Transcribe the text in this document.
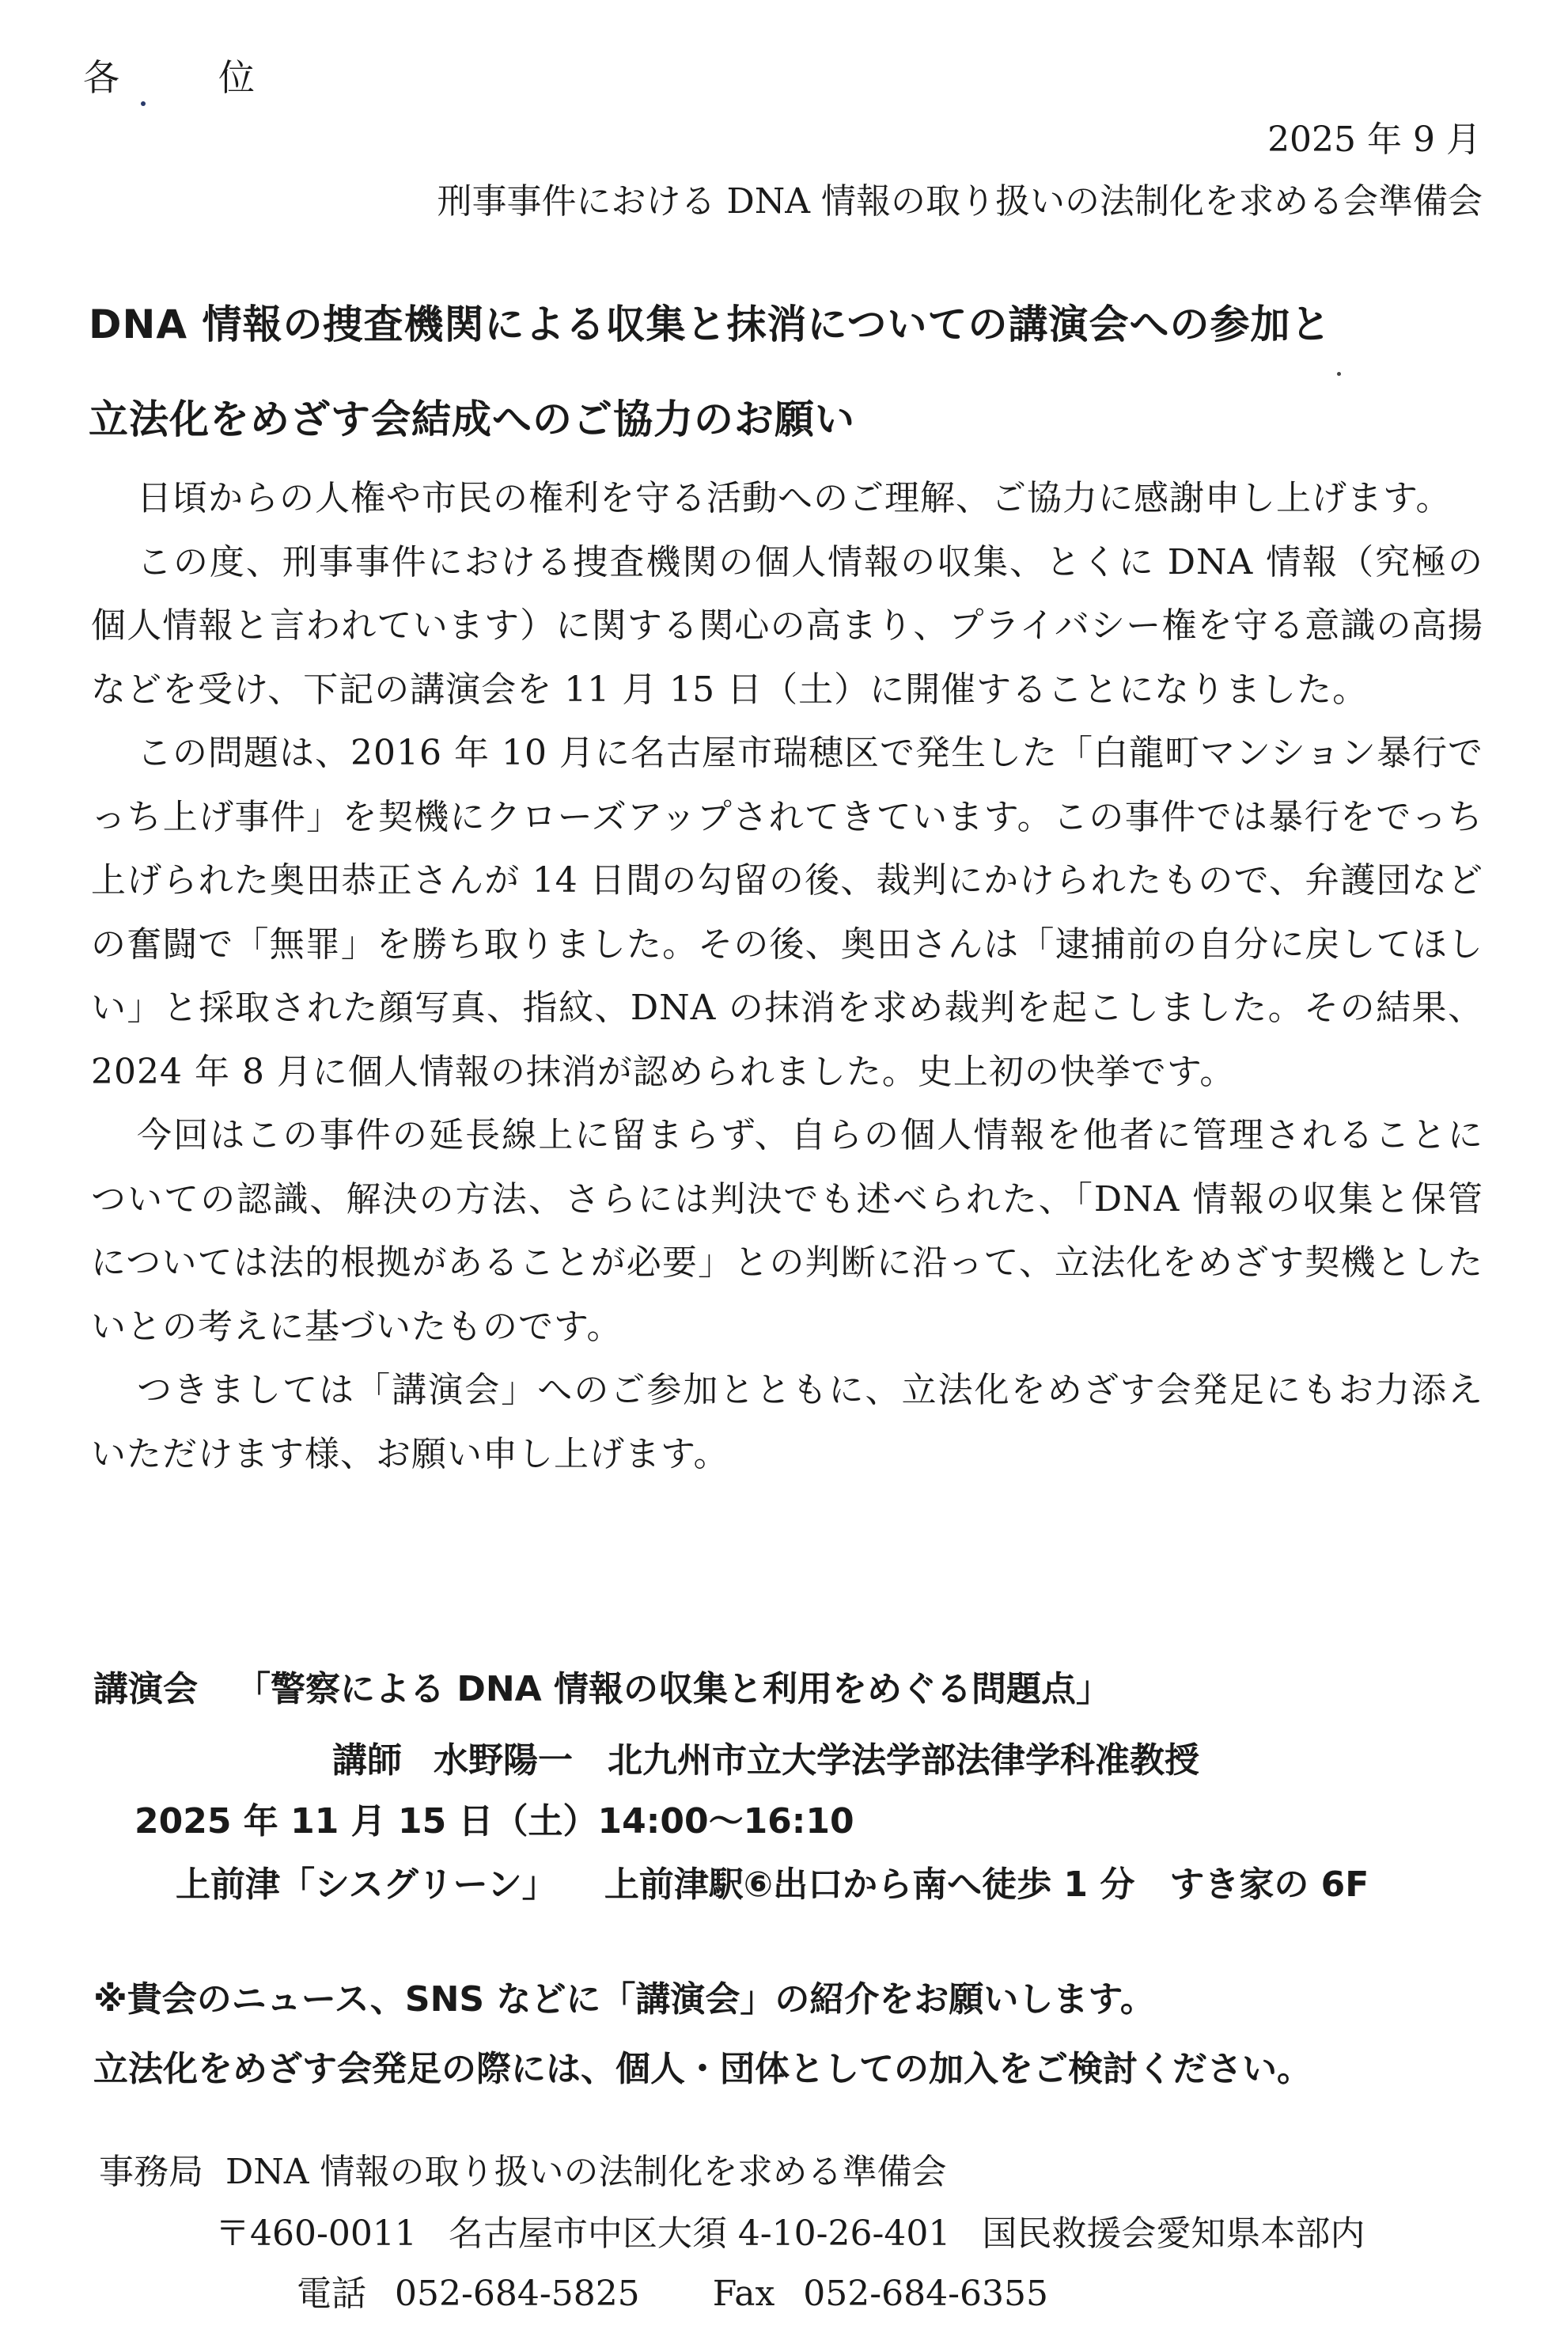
各	位
2025 年 9 月
刑事事件における DNA 情報の取り扱いの法制化を求める会準備会
DNA 情報の捜査機関による収集と抹消についての講演会への参加と
立法化をめざす会結成へのご協力のお願い

日頃からの人権や市民の権利を守る活動へのご理解、ご協力に感謝申し上げます。

この度、刑事事件における捜査機関の個人情報の収集、とくに DNA 情報（究極の個人情報と言われています）に関する関心の高まり、プライバシー権を守る意識の高揚などを受け、下記の講演会を 11 月 15 日（土）に開催することになりました。

この問題は、2016 年 10 月に名古屋市瑞穂区で発生した「白龍町マンション暴行でっち上げ事件」を契機にクローズアップされてきています。この事件では暴行をでっち上げられた奥田恭正さんが 14 日間の勾留の後、裁判にかけられたもので、弁護団などの奮闘で「無罪」を勝ち取りました。その後、奥田さんは「逮捕前の自分に戻してほしい」と採取された顔写真、指紋、DNA の抹消を求め裁判を起こしました。その結果、2024 年 8 月に個人情報の抹消が認められました。史上初の快挙です。

今回はこの事件の延長線上に留まらず、自らの個人情報を他者に管理されることについての認識、解決の方法、さらには判決でも述べられた、「DNA 情報の収集と保管については法的根拠があることが必要」との判断に沿って、立法化をめざす契機としたいとの考えに基づいたものです。

つきましては「講演会」へのご参加とともに、立法化をめざす会発足にもお力添えいただけます様、お願い申し上げます。

講演会 「警察による DNA 情報の収集と利用をめぐる問題点」
講師 水野陽一　北九州市立大学法学部法律学科准教授
2025 年 11 月 15 日（土）14:00〜16:10
上前津「シスグリーン」 上前津駅⑥出口から南へ徒歩 1 分　すき家の 6F
※貴会のニュース、SNS などに「講演会」の紹介をお願いします。
立法化をめざす会発足の際には、個人・団体としての加入をご検討ください。
事務局 DNA 情報の取り扱いの法制化を求める準備会
〒460-0011 名古屋市中区大須 4-10-26-401 国民救援会愛知県本部内
電話 052-684-5825 Fax 052-684-6355
